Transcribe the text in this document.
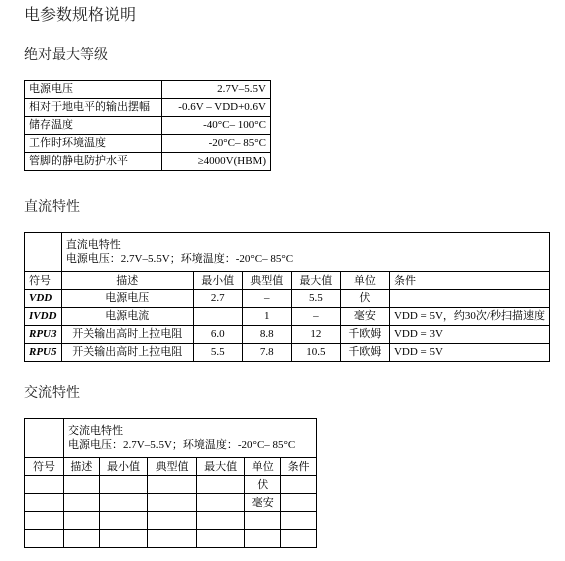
电参数规格说明
绝对最大等级
电源电压	2.7V–5.5V
相对于地电平的输出摆幅	-0.6V – VDD+0.6V
储存温度	-40°C– 100°C
工作时环境温度	-20°C– 85°C
管脚的静电防护水平	≥4000V(HBM)
直流特性

	直流电特性
电源电压：2.7V–5.5V；环境温度：-20°C– 85°C					

符号	描述	最小值	典型值	最大值	单位	条件
VDD	电源电压	2.7	–	5.5	伏	
IVDD	电源电流		1	–	毫安	VDD = 5V，约30次/秒扫描速度
RPU3	开关输出高时上拉电阻	6.0	8.8	12	千欧姆	VDD = 3V
RPU5	开关输出高时上拉电阻	5.5	7.8	10.5	千欧姆	VDD = 5V
交流特性

	交流电特性
电源电压：2.7V–5.5V；环境温度：-20°C– 85°C					

符号	描述	最小值	典型值	最大值	单位	条件
					伏	
					毫安	
